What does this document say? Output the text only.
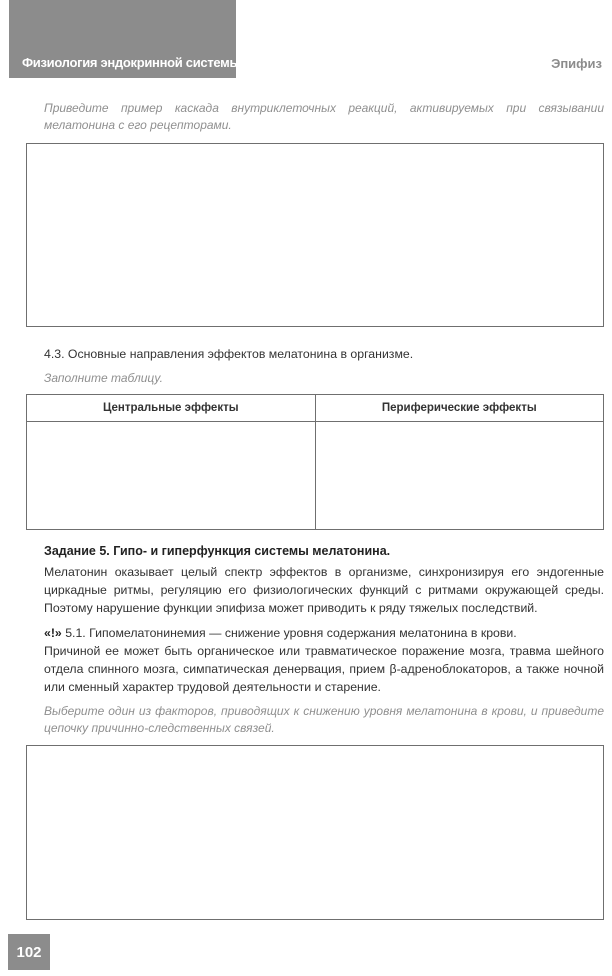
Физиология эндокринной системы	Эпифиз
Приведите пример каскада внутриклеточных реакций, активируемых при связывании мелатонина с его рецепторами.
4.3. Основные направления эффектов мелатонина в организме.
Заполните таблицу.
Центральные эффекты	Периферические эффекты

Задание 5. Гипо- и гиперфункция системы мелатонина.
Мелатонин оказывает целый спектр эффектов в организме, синхронизируя его эндогенные циркадные ритмы, регуляцию его физиологических функций с ритмами окружающей среды. Поэтому нарушение функции эпифиза может приводить к ряду тяжелых последствий.
«!» 5.1. Гипомелатонинемия — снижение уровня содержания мелатонина в крови.
Причиной ее может быть органическое или травматическое поражение мозга, травма шейного отдела спинного мозга, симпатическая денервация, прием β-адреноблокаторов, а также ночной или сменный характер трудовой деятельности и старение.
Выберите один из факторов, приводящих к снижению уровня мелатонина в крови, и приведите цепочку причинно-следственных связей.
102
